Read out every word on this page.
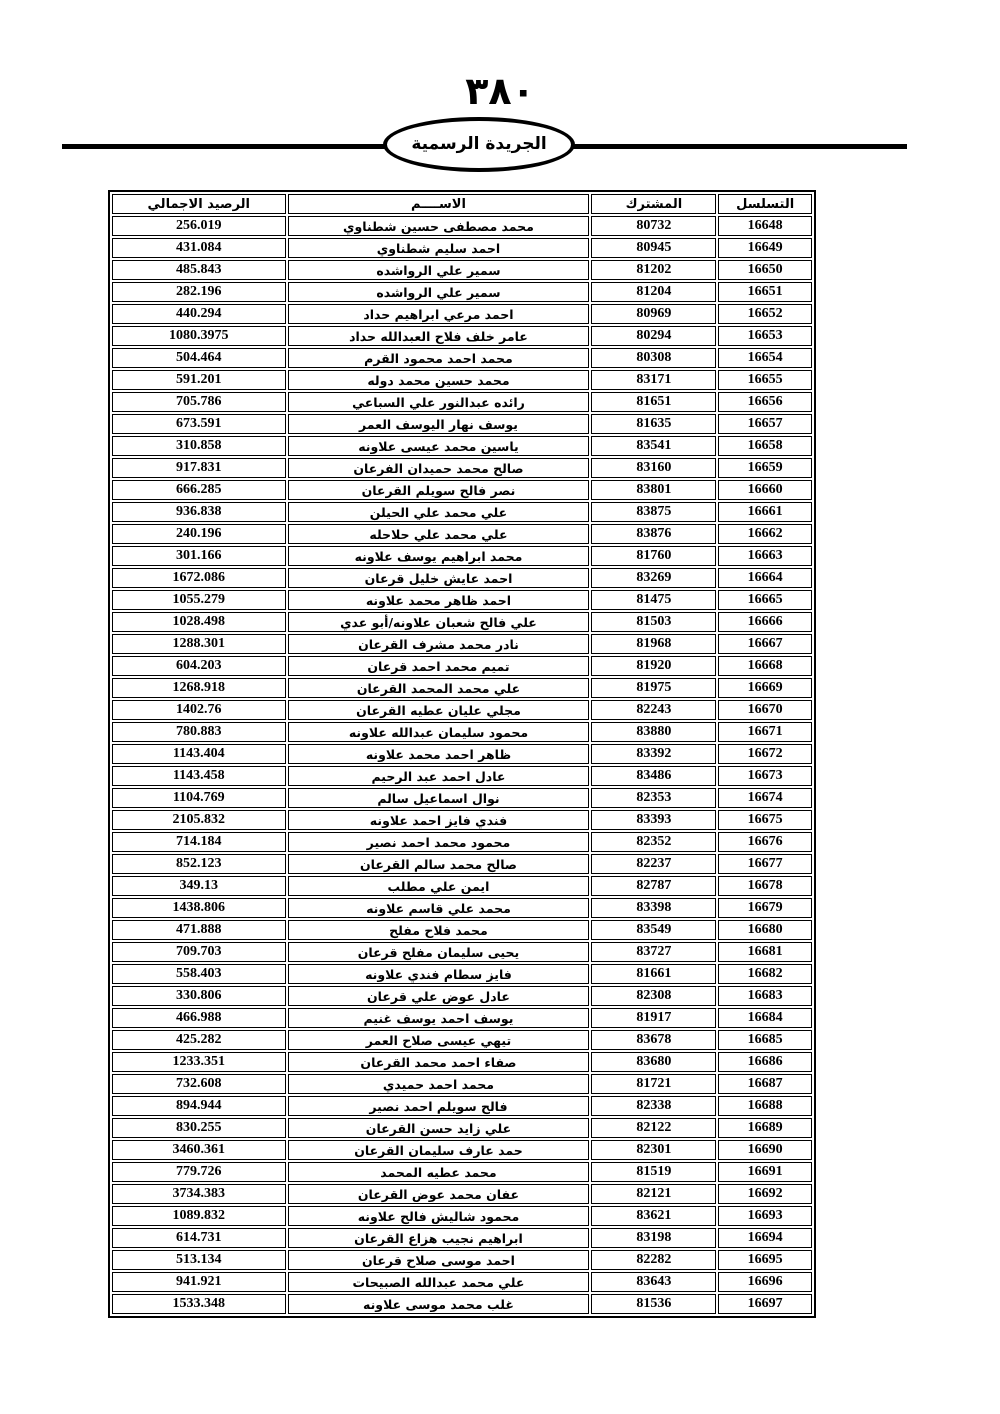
٣٨٠
الجريدة الرسمية
التسلسل	المشترك	الاســــم	الرصيد الاجمالي
16648	80732	محمد مصطفى حسين شطناوي	256.019
16649	80945	احمد سليم شطناوي	431.084
16650	81202	سمير علي الرواشده	485.843
16651	81204	سمير علي الرواشده	282.196
16652	80969	احمد مرعي ابراهيم حداد	440.294
16653	80294	عامر خلف فلاح العبدالله حداد	1080.3975
16654	80308	محمد احمد محمود القرم	504.464
16655	83171	محمد حسين محمد دوله	591.201
16656	81651	رائده عبدالنور علي السباعي	705.786
16657	81635	يوسف نهار اليوسف العمر	673.591
16658	83541	ياسين محمد عيسى علاونه	310.858
16659	83160	صالح محمد حميدان الفرعان	917.831
16660	83801	نصر فالح سويلم القرعان	666.285
16661	83875	علي محمد علي الحيلن	936.838
16662	83876	علي محمد علي حلاحله	240.196
16663	81760	محمد ابراهيم يوسف علاونه	301.166
16664	83269	احمد عايش خليل قرعان	1672.086
16665	81475	احمد ظاهر محمد علاونه	1055.279
16666	81503	علي فالح شعبان علاونه/أبو عدي	1028.498
16667	81968	نادر محمد مشرف القرعان	1288.301
16668	81920	تميم محمد احمد قرعان	604.203
16669	81975	علي محمد المحمد القرعان	1268.918
16670	82243	مجلي عليان عطيه القرعان	1402.76
16671	83880	محمود سليمان عبدالله علاونه	780.883
16672	83392	ظاهر احمد محمد علاونه	1143.404
16673	83486	عادل احمد عبد الرحيم	1143.458
16674	82353	نوال اسماعيل سالم	1104.769
16675	83393	فندي فايز احمد علاونه	2105.832
16676	82352	محمود محمد احمد نصير	714.184
16677	82237	صالح محمد سالم القرعان	852.123
16678	82787	ايمن علي مطلب	349.13
16679	83398	محمد علي قاسم علاونه	1438.806
16680	83549	محمد فلاح مفلح	471.888
16681	83727	يحيى سليمان مفلح قرعان	709.703
16682	81661	فايز سطام فندي علاونه	558.403
16683	82308	عادل عوض علي قرعان	330.806
16684	81917	يوسف احمد يوسف غنيم	466.988
16685	83678	تيهي عيسى صلاح العمر	425.282
16686	83680	صفاء احمد محمد القرعان	1233.351
16687	81721	محمد احمد حميدي	732.608
16688	82338	فالح سويلم احمد نصير	894.944
16689	82122	علي زايد حسن القرعان	830.255
16690	82301	حمد عارف سليمان القرعان	3460.361
16691	81519	محمد عطيه المحمد	779.726
16692	82121	عفان محمد عوض القرعان	3734.383
16693	83621	محمود شاليش فالح علاونه	1089.832
16694	83198	ابراهيم نجيب هزاع القرعان	614.731
16695	82282	احمد موسى صلاح قرعان	513.134
16696	83643	علي محمد عبدالله الصبيحات	941.921
16697	81536	غلب محمد موسى علاونه	1533.348
